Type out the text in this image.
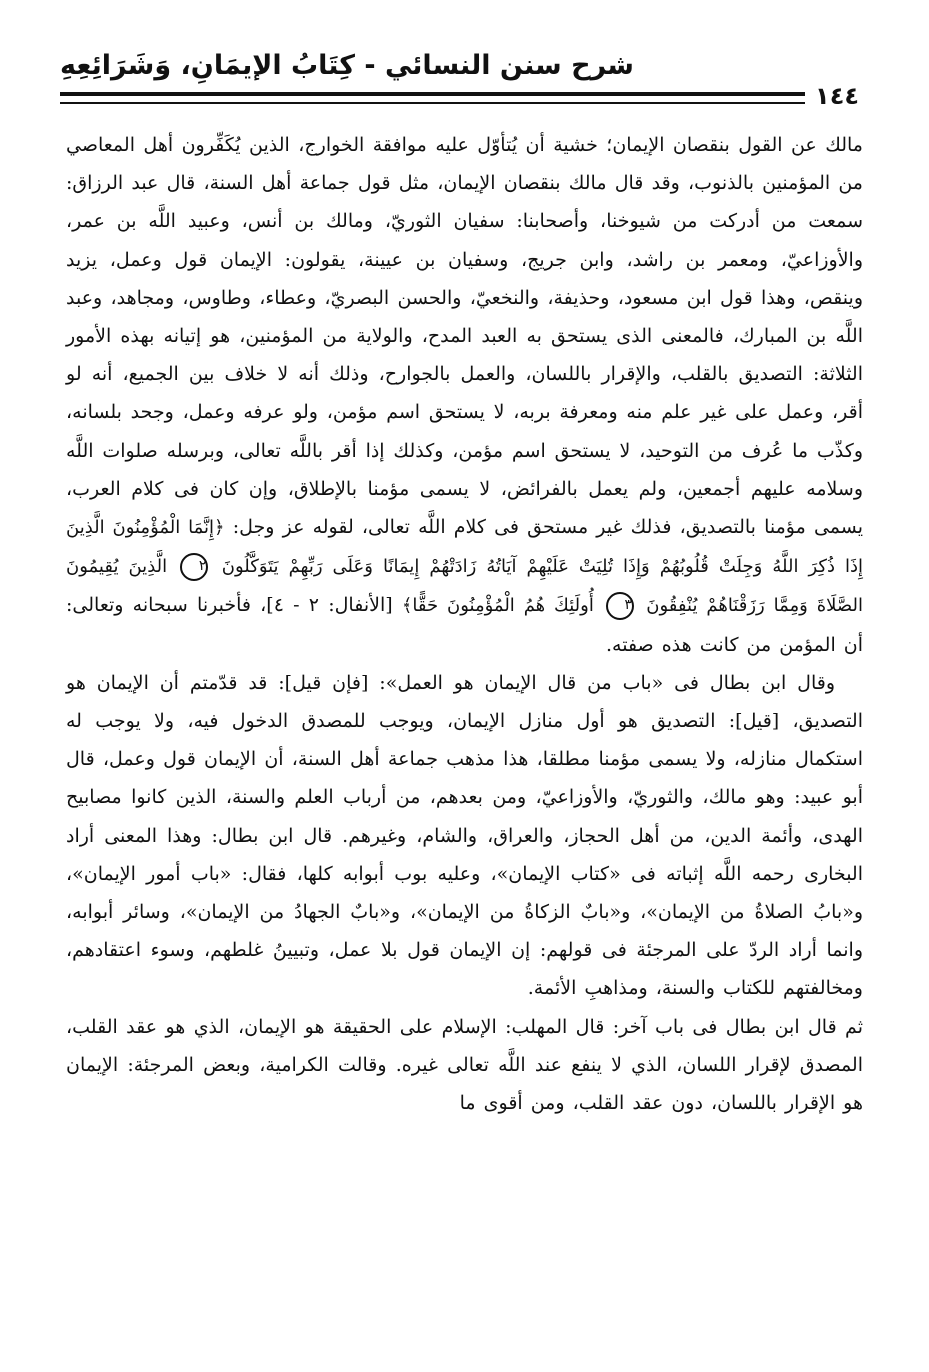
شرح سنن النسائي - كِتَابُ الإيمَانِ، وَشَرَائِعِهِ
١٤٤

مالك عن القول بنقصان الإيمان؛ خشية أن يُتأوّل عليه موافقة الخوارج، الذين يُكَفِّرون أهل المعاصي من المؤمنين بالذنوب، وقد قال مالك بنقصان الإيمان، مثل قول جماعة أهل السنة، قال عبد الرزاق: سمعت من أدركت من شيوخنا، وأصحابنا: سفيان الثوريّ، ومالك بن أنس، وعبيد اللَّه بن عمر، والأوزاعيّ، ومعمر بن راشد، وابن جريج، وسفيان بن عيينة، يقولون: الإيمان قول وعمل، يزيد وينقص، وهذا قول ابن مسعود، وحذيفة، والنخعيّ، والحسن البصريّ، وعطاء، وطاوس، ومجاهد، وعبد اللَّه بن المبارك، فالمعنى الذى يستحق به العبد المدح، والولاية من المؤمنين، هو إتيانه بهذه الأمور الثلاثة: التصديق بالقلب، والإقرار باللسان، والعمل بالجوارح، وذلك أنه لا خلاف بين الجميع، أنه لو أقر، وعمل على غير علم منه ومعرفة بربه، لا يستحق اسم مؤمن، ولو عرفه وعمل، وجحد بلسانه، وكذّب ما عُرف من التوحيد، لا يستحق اسم مؤمن، وكذلك إذا أقر باللَّه تعالى، وبرسله صلوات اللَّه وسلامه عليهم أجمعين، ولم يعمل بالفرائض، لا يسمى مؤمنا بالإطلاق، وإن كان فى كلام العرب، يسمى مؤمنا بالتصديق، فذلك غير مستحق فى كلام اللَّه تعالى، لقوله عز وجل: ﴿إِنَّمَا الْمُؤْمِنُونَ الَّذِينَ إِذَا ذُكِرَ اللَّهُ وَجِلَتْ قُلُوبُهُمْ وَإِذَا تُلِيَتْ عَلَيْهِمْ آيَاتُهُ زَادَتْهُمْ إِيمَانًا وَعَلَى رَبِّهِمْ يَتَوَكَّلُونَ ٢ الَّذِينَ يُقِيمُونَ الصَّلَاةَ وَمِمَّا رَزَقْنَاهُمْ يُنْفِقُونَ ٣ أُولَئِكَ هُمُ الْمُؤْمِنُونَ حَقًّا﴾ [الأنفال: ٢ - ٤]، فأخبرنا سبحانه وتعالى: أن المؤمن من كانت هذه صفته.

وقال ابن بطال فى «باب من قال الإيمان هو العمل»: [فإن قيل]: قد قدّمتم أن الإيمان هو التصديق، [قيل]: التصديق هو أول منازل الإيمان، ويوجب للمصدق الدخول فيه، ولا يوجب له استكمال منازله، ولا يسمى مؤمنا مطلقا، هذا مذهب جماعة أهل السنة، أن الإيمان قول وعمل، قال أبو عبيد: وهو مالك، والثوريّ، والأوزاعيّ، ومن بعدهم، من أرباب العلم والسنة، الذين كانوا مصابيح الهدى، وأئمة الدين، من أهل الحجاز، والعراق، والشام، وغيرهم. قال ابن بطال: وهذا المعنى أراد البخارى رحمه اللَّه إثباته فى «كتاب الإيمان»، وعليه بوب أبوابه كلها، فقال: «باب أمور الإيمان»، و«بابُ الصلاةُ من الإيمان»، و«بابٌ الزكاةُ من الإيمان»، و«بابٌ الجهادُ من الإيمان»، وسائر أبوابه، وانما أراد الردّ على المرجئة فى قولهم: إن الإيمان قول بلا عمل، وتبيينُ غلطهم، وسوء اعتقادهم، ومخالفتهم للكتاب والسنة، ومذاهبِ الأئمة.

ثم قال ابن بطال فى باب آخر: قال المهلب: الإسلام على الحقيقة هو الإيمان، الذي هو عقد القلب، المصدق لإقرار اللسان، الذي لا ينفع عند اللَّه تعالى غيره. وقالت الكرامية، وبعض المرجئة: الإيمان هو الإقرار باللسان، دون عقد القلب، ومن أقوى ما
